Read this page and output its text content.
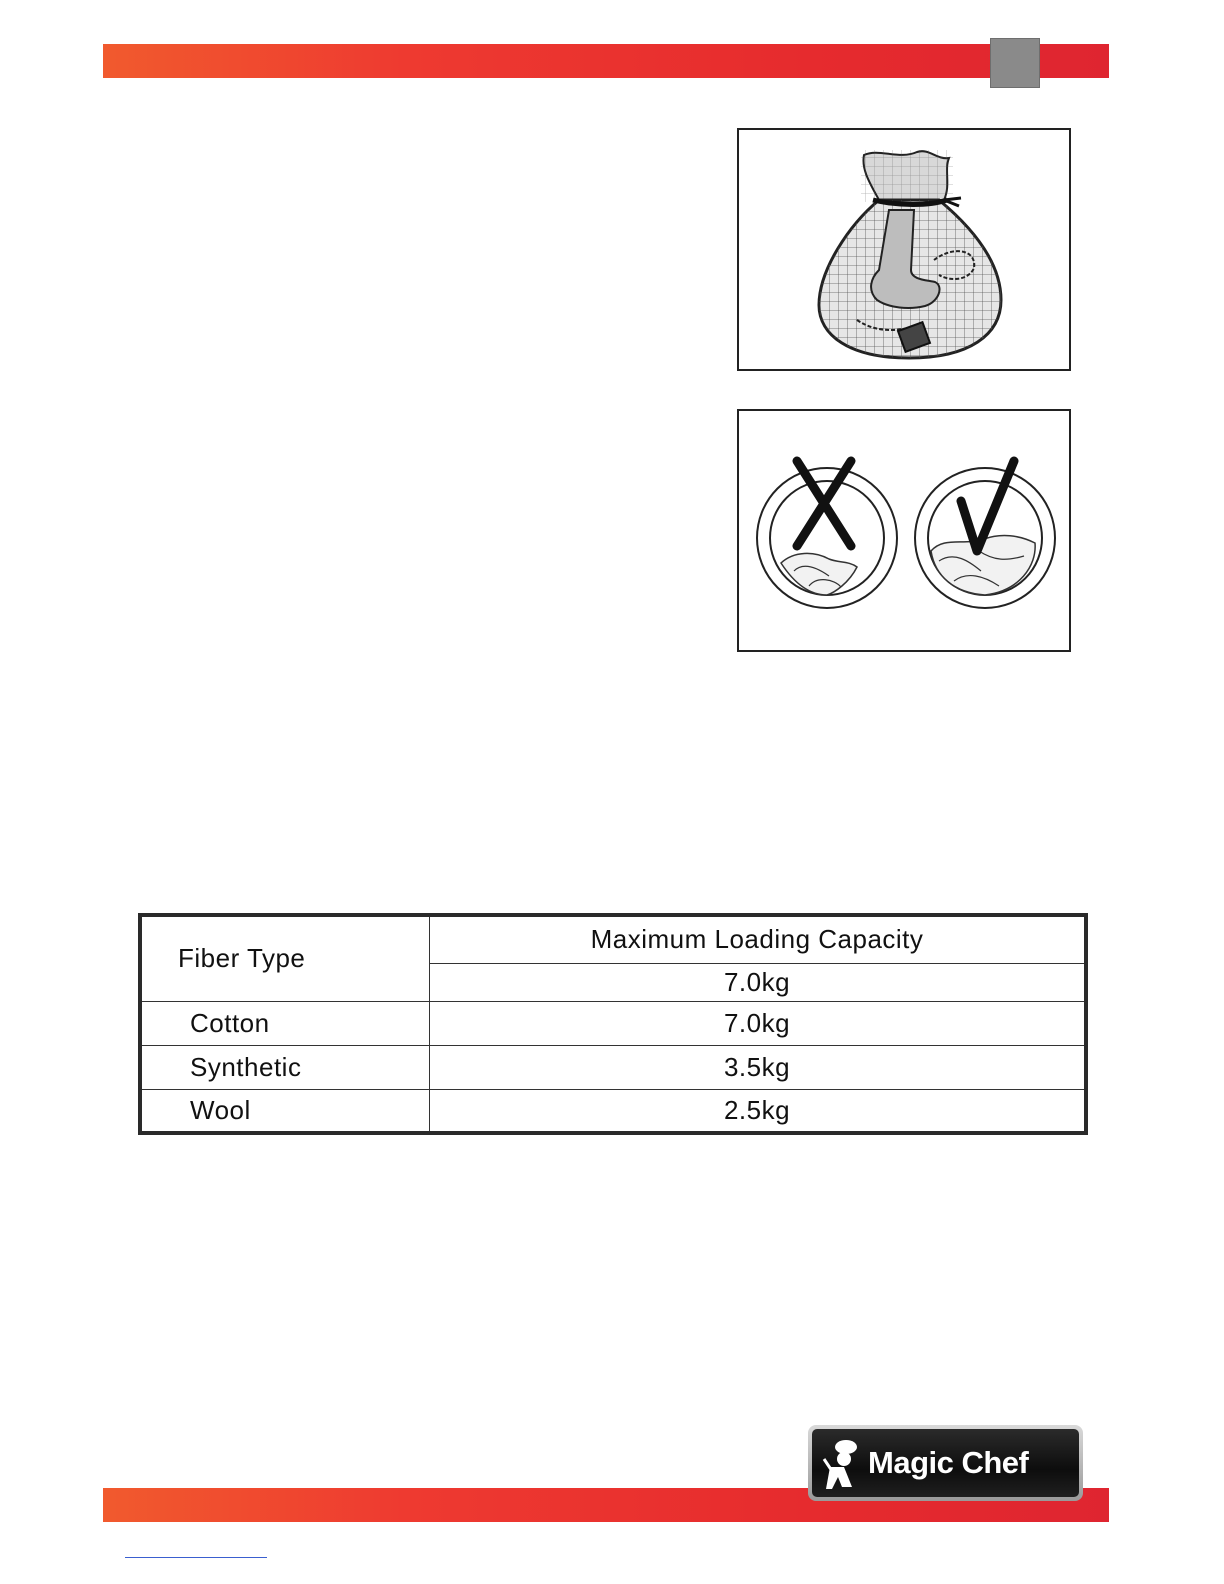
Fiber Type	Maximum Loading Capacity
	7.0kg
Cotton	7.0kg
Synthetic	3.5kg
Wool	2.5kg
Magic Chef
